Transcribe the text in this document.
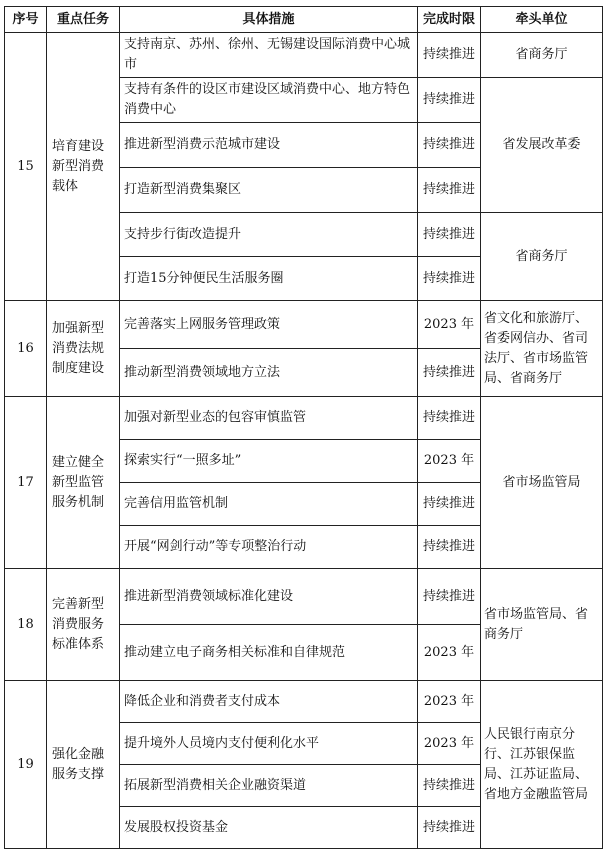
序号	重点任务	具体措施	完成时限	牵头单位
15	培育建设新型消费载体	支持南京、苏州、徐州、无锡建设国际消费中心城市	持续推进	省商务厅
		支持有条件的设区市建设区域消费中心、地方特色消费中心	持续推进	省发展改革委
		推进新型消费示范城市建设	持续推进	
		打造新型消费集聚区	持续推进	
		支持步行街改造提升	持续推进	省商务厅
		打造15分钟便民生活服务圈	持续推进	
16	加强新型消费法规制度建设	完善落实上网服务管理政策	2023 年	省文化和旅游厅、省委网信办、省司法厅、省市场监管局、省商务厅
		推动新型消费领域地方立法	持续推进	
17	建立健全新型监管服务机制	加强对新型业态的包容审慎监管	持续推进	省市场监管局
		探索实行“一照多址”	2023 年	
		完善信用监管机制	持续推进	
		开展“网剑行动”等专项整治行动	持续推进	
18	完善新型消费服务标准体系	推进新型消费领域标准化建设	持续推进	省市场监管局、省商务厅
		推动建立电子商务相关标准和自律规范	2023 年	
19	强化金融服务支撑	降低企业和消费者支付成本	2023 年	人民银行南京分行、江苏银保监局、江苏证监局、省地方金融监管局
		提升境外人员境内支付便利化水平	2023 年	
		拓展新型消费相关企业融资渠道	持续推进	
		发展股权投资基金	持续推进	
